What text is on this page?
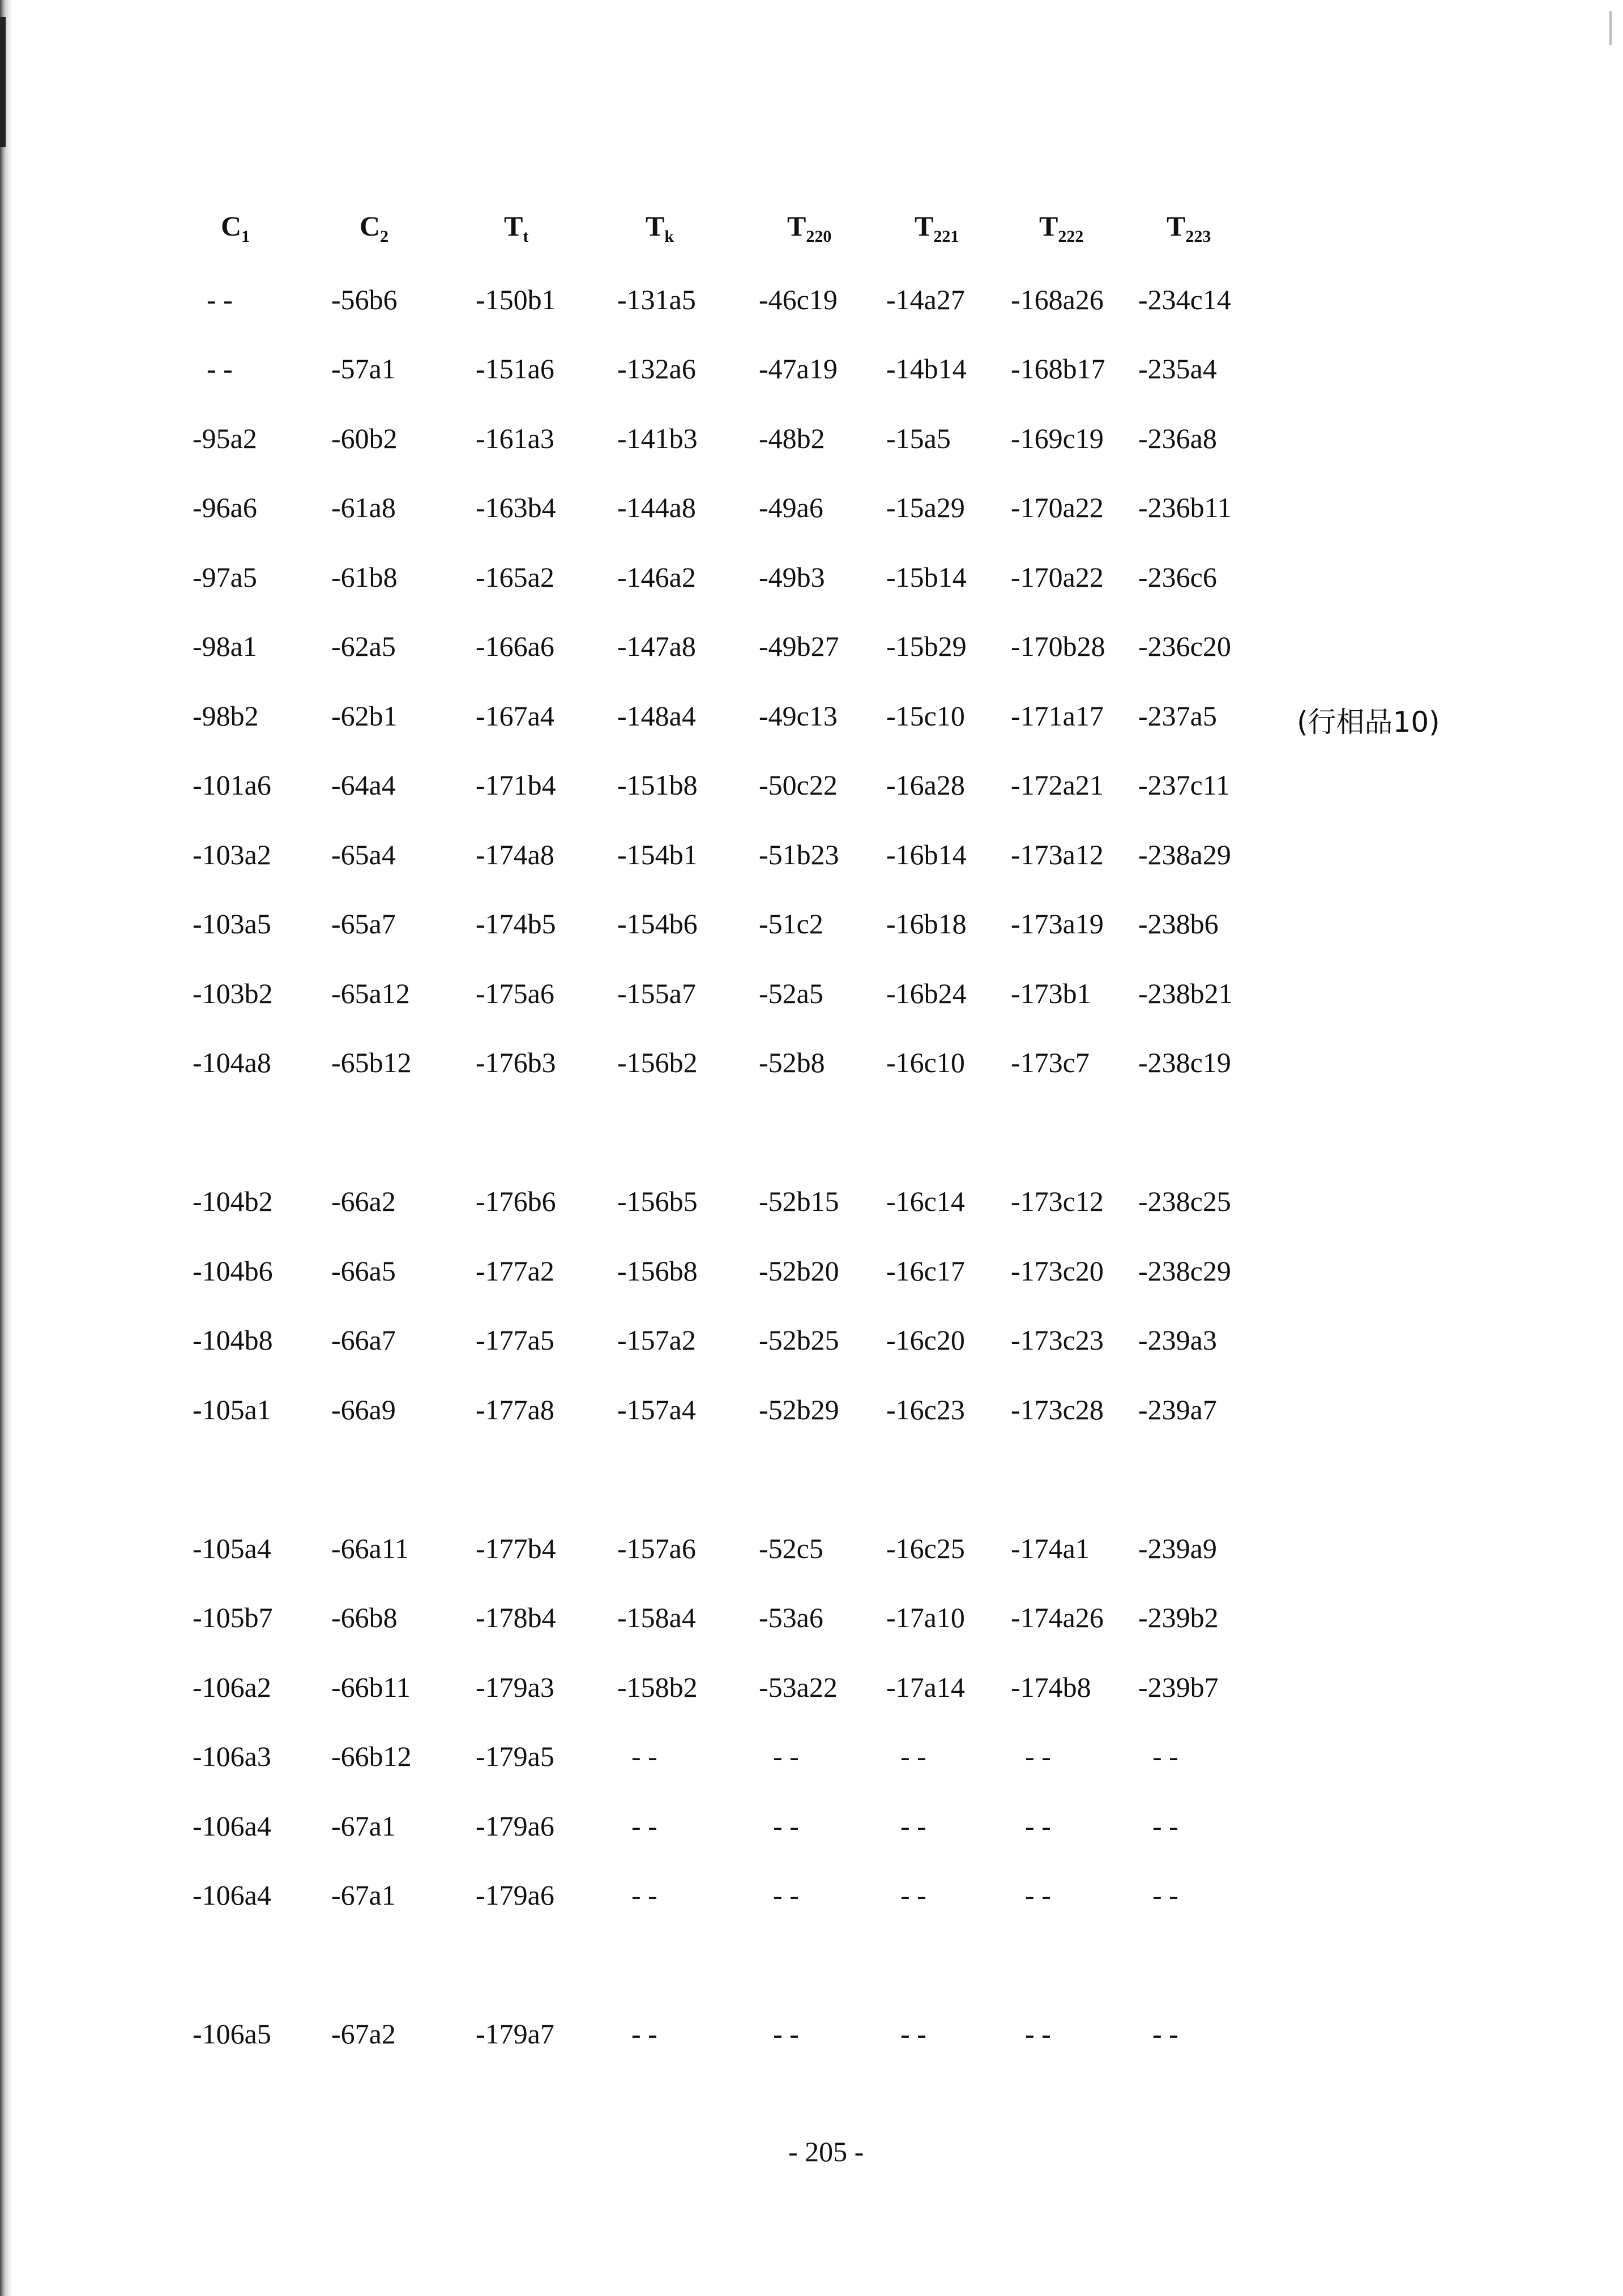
$C_1$	$C_2$	$T_t$	$T_k$	$T_{220}$	$T_{221}$	$T_{222}$	$T_{223}$
- -	-56b6	-150b1 -131a5 -46c19 -14a27 -168a26 -234c14
- -	-57a1	-151a6 -132a6 -47a19 -14b14 -168b17 -235a4
-95a2	-60b2	-161a3 -141b3 -48b2 -15a5 -169c19 -236a8
-96a6	-61a8	-163b4 -144a8 -49a6 -15a29 -170a22 -236b11
-97a5	-61b8	-165a2 -146a2 -49b3 -15b14 -170a22 -236c6
-98a1	-62a5	-166a6 -147a8 -49b27 -15b29 -170b28 -236c20
-98b2	-62b1	-167a4 -148a4 -49c13 -15c10 -171a17 -237a5
-101a6 -64a4	-171b4 -151b8 -50c22 -16a28 -172a21 -237c11
-103a2 -65a4	-174a8 -154b1 -51b23 -16b14 -173a12 -238a29
-103a5 -65a7	-174b5 -154b6 -51c2 -16b18 -173a19 -238b6
-103b2 -65a12 -175a6 -155a7 -52a5 -16b24 -173b1 -238b21
-104a8 -65b12 -176b3 -156b2 -52b8 -16c10 -173c7 -238c19
-104b2 -66a2	-176b6 -156b5 -52b15 -16c14 -173c12 -238c25
-104b6 -66a5	-177a2 -156b8 -52b20 -16c17 -173c20 -238c29
-104b8 -66a7	-177a5 -157a2 -52b25 -16c20 -173c23 -239a3
-105a1 -66a9	-177a8 -157a4 -52b29 -16c23 -173c28 -239a7
-105a4 -66a11 -177b4 -157a6 -52c5 -16c25 -174a1 -239a9
-105b7 -66b8	-178b4 -158a4 -53a6 -17a10 -174a26 -239b2
-106a2 -66b11 -179a3 -158b2 -53a22 -17a14 -174b8 -239b7
-106a3 -66b12 -179a5	- -	- -	- -	- -	- -
-106a4 -67a1	-179a6	- -	- -	- -	- -	- -
-106a4 -67a1	-179a6	- -	- -	- -	- -	- -
-106a5 -67a2	-179a7	- -	- -	- -	- -	- -
(行相品10)
- 205 -
